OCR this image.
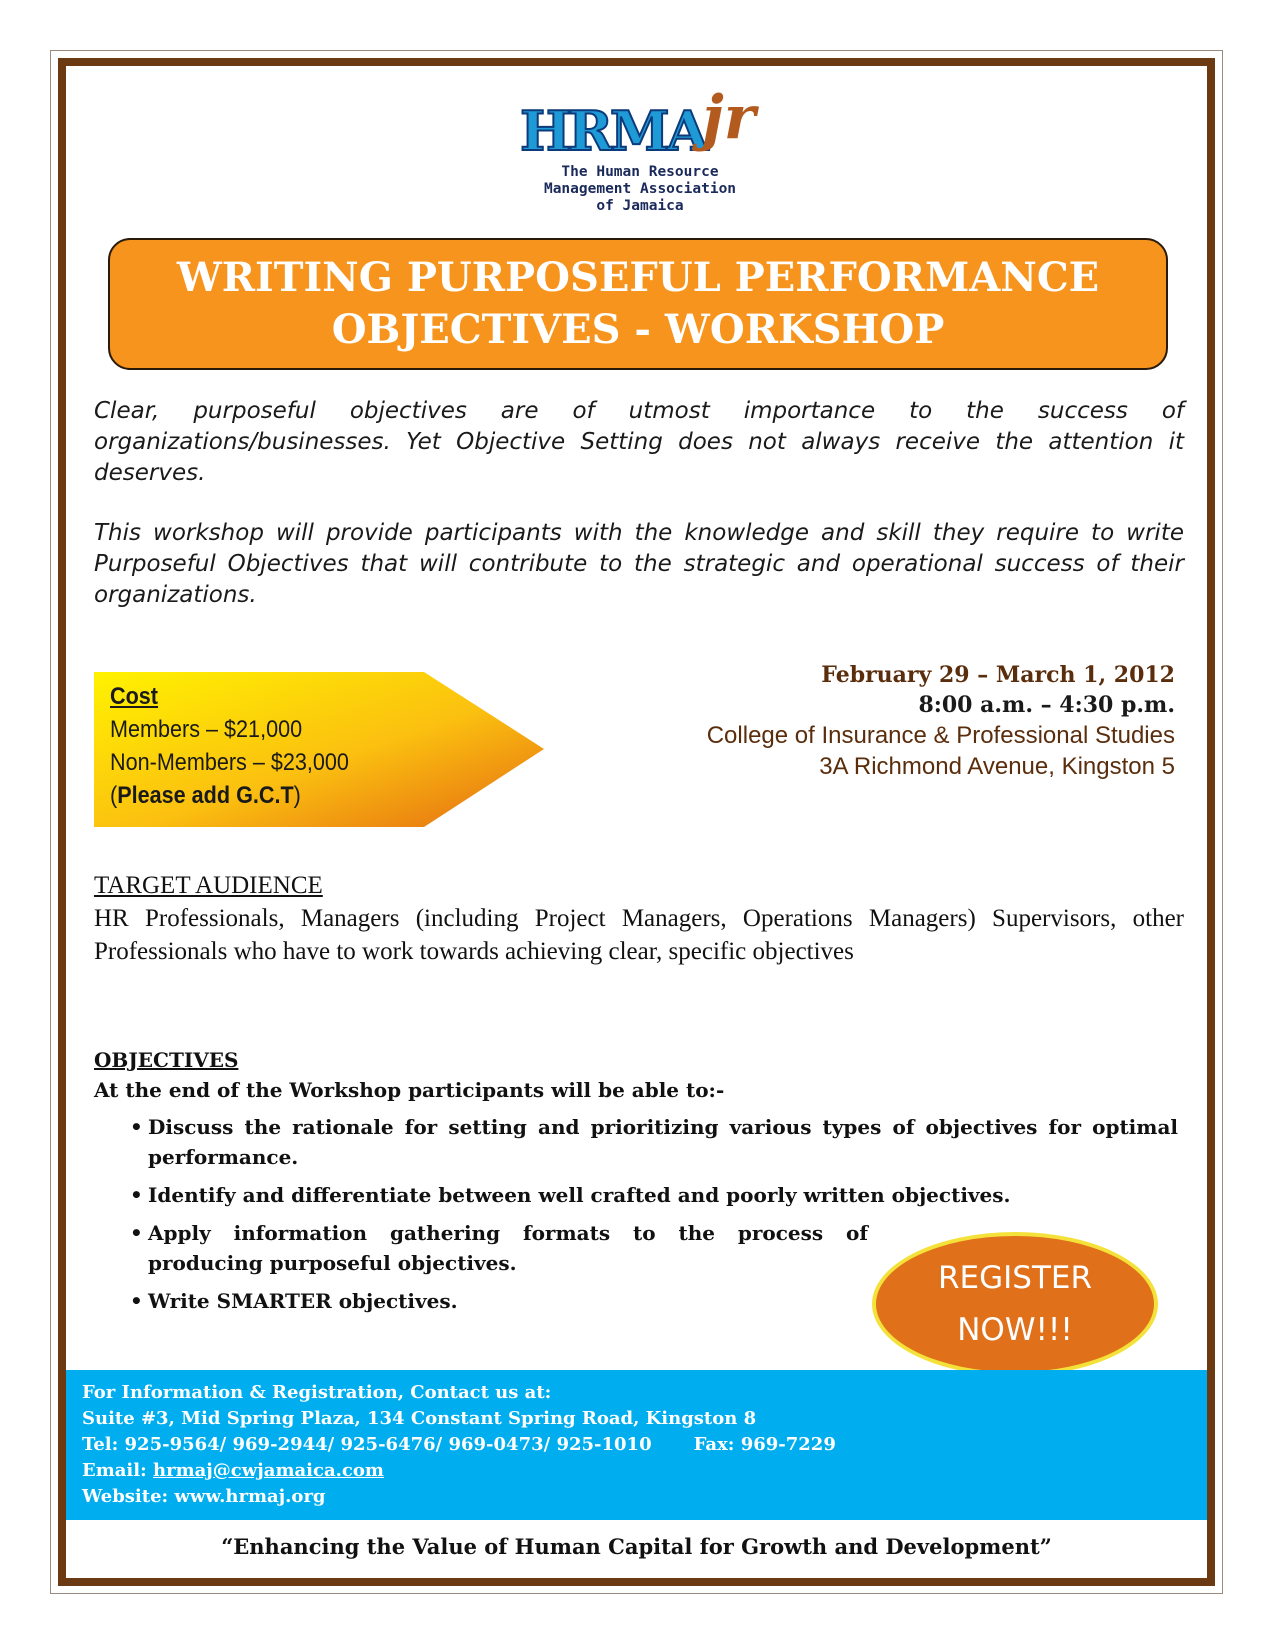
HRMA
jr
The Human Resource
Management Association
of Jamaica
WRITING PURPOSEFUL PERFORMANCE
OBJECTIVES - WORKSHOP

Clear, purposeful objectives are of utmost importance to the success of organizations/businesses. Yet Objective Setting does not always receive the attention it deserves.

This workshop will provide participants with the knowledge and skill they require to write Purposeful Objectives that will contribute to the strategic and operational success of their organizations.

Cost
Members – $21,000
Non-Members – $23,000
(Please add G.C.T)
February 29 – March 1, 2012
8:00 a.m. – 4:30 p.m.
College of Insurance & Professional Studies
3A Richmond Avenue, Kingston 5
TARGET AUDIENCE

HR Professionals, Managers (including Project Managers, Operations Managers) Supervisors, other Professionals who have to work towards achieving clear, specific objectives

OBJECTIVES
At the end of the Workshop participants will be able to:-
• Discuss the rationale for setting and prioritizing various types of objectives for optimal performance.
• Identify and differentiate between well crafted and poorly written objectives.
• Apply information gathering formats to the process of producing purposeful objectives.
• Write SMARTER objectives.
REGISTER
NOW!!!
For Information & Registration, Contact us at:
Suite #3, Mid Spring Plaza, 134 Constant Spring Road, Kingston 8
Tel: 925-9564/ 969-2944/ 925-6476/ 969-0473/ 925-1010 Fax: 969-7229
Email: hrmaj@cwjamaica.com
Website: www.hrmaj.org
“Enhancing the Value of Human Capital for Growth and Development”
